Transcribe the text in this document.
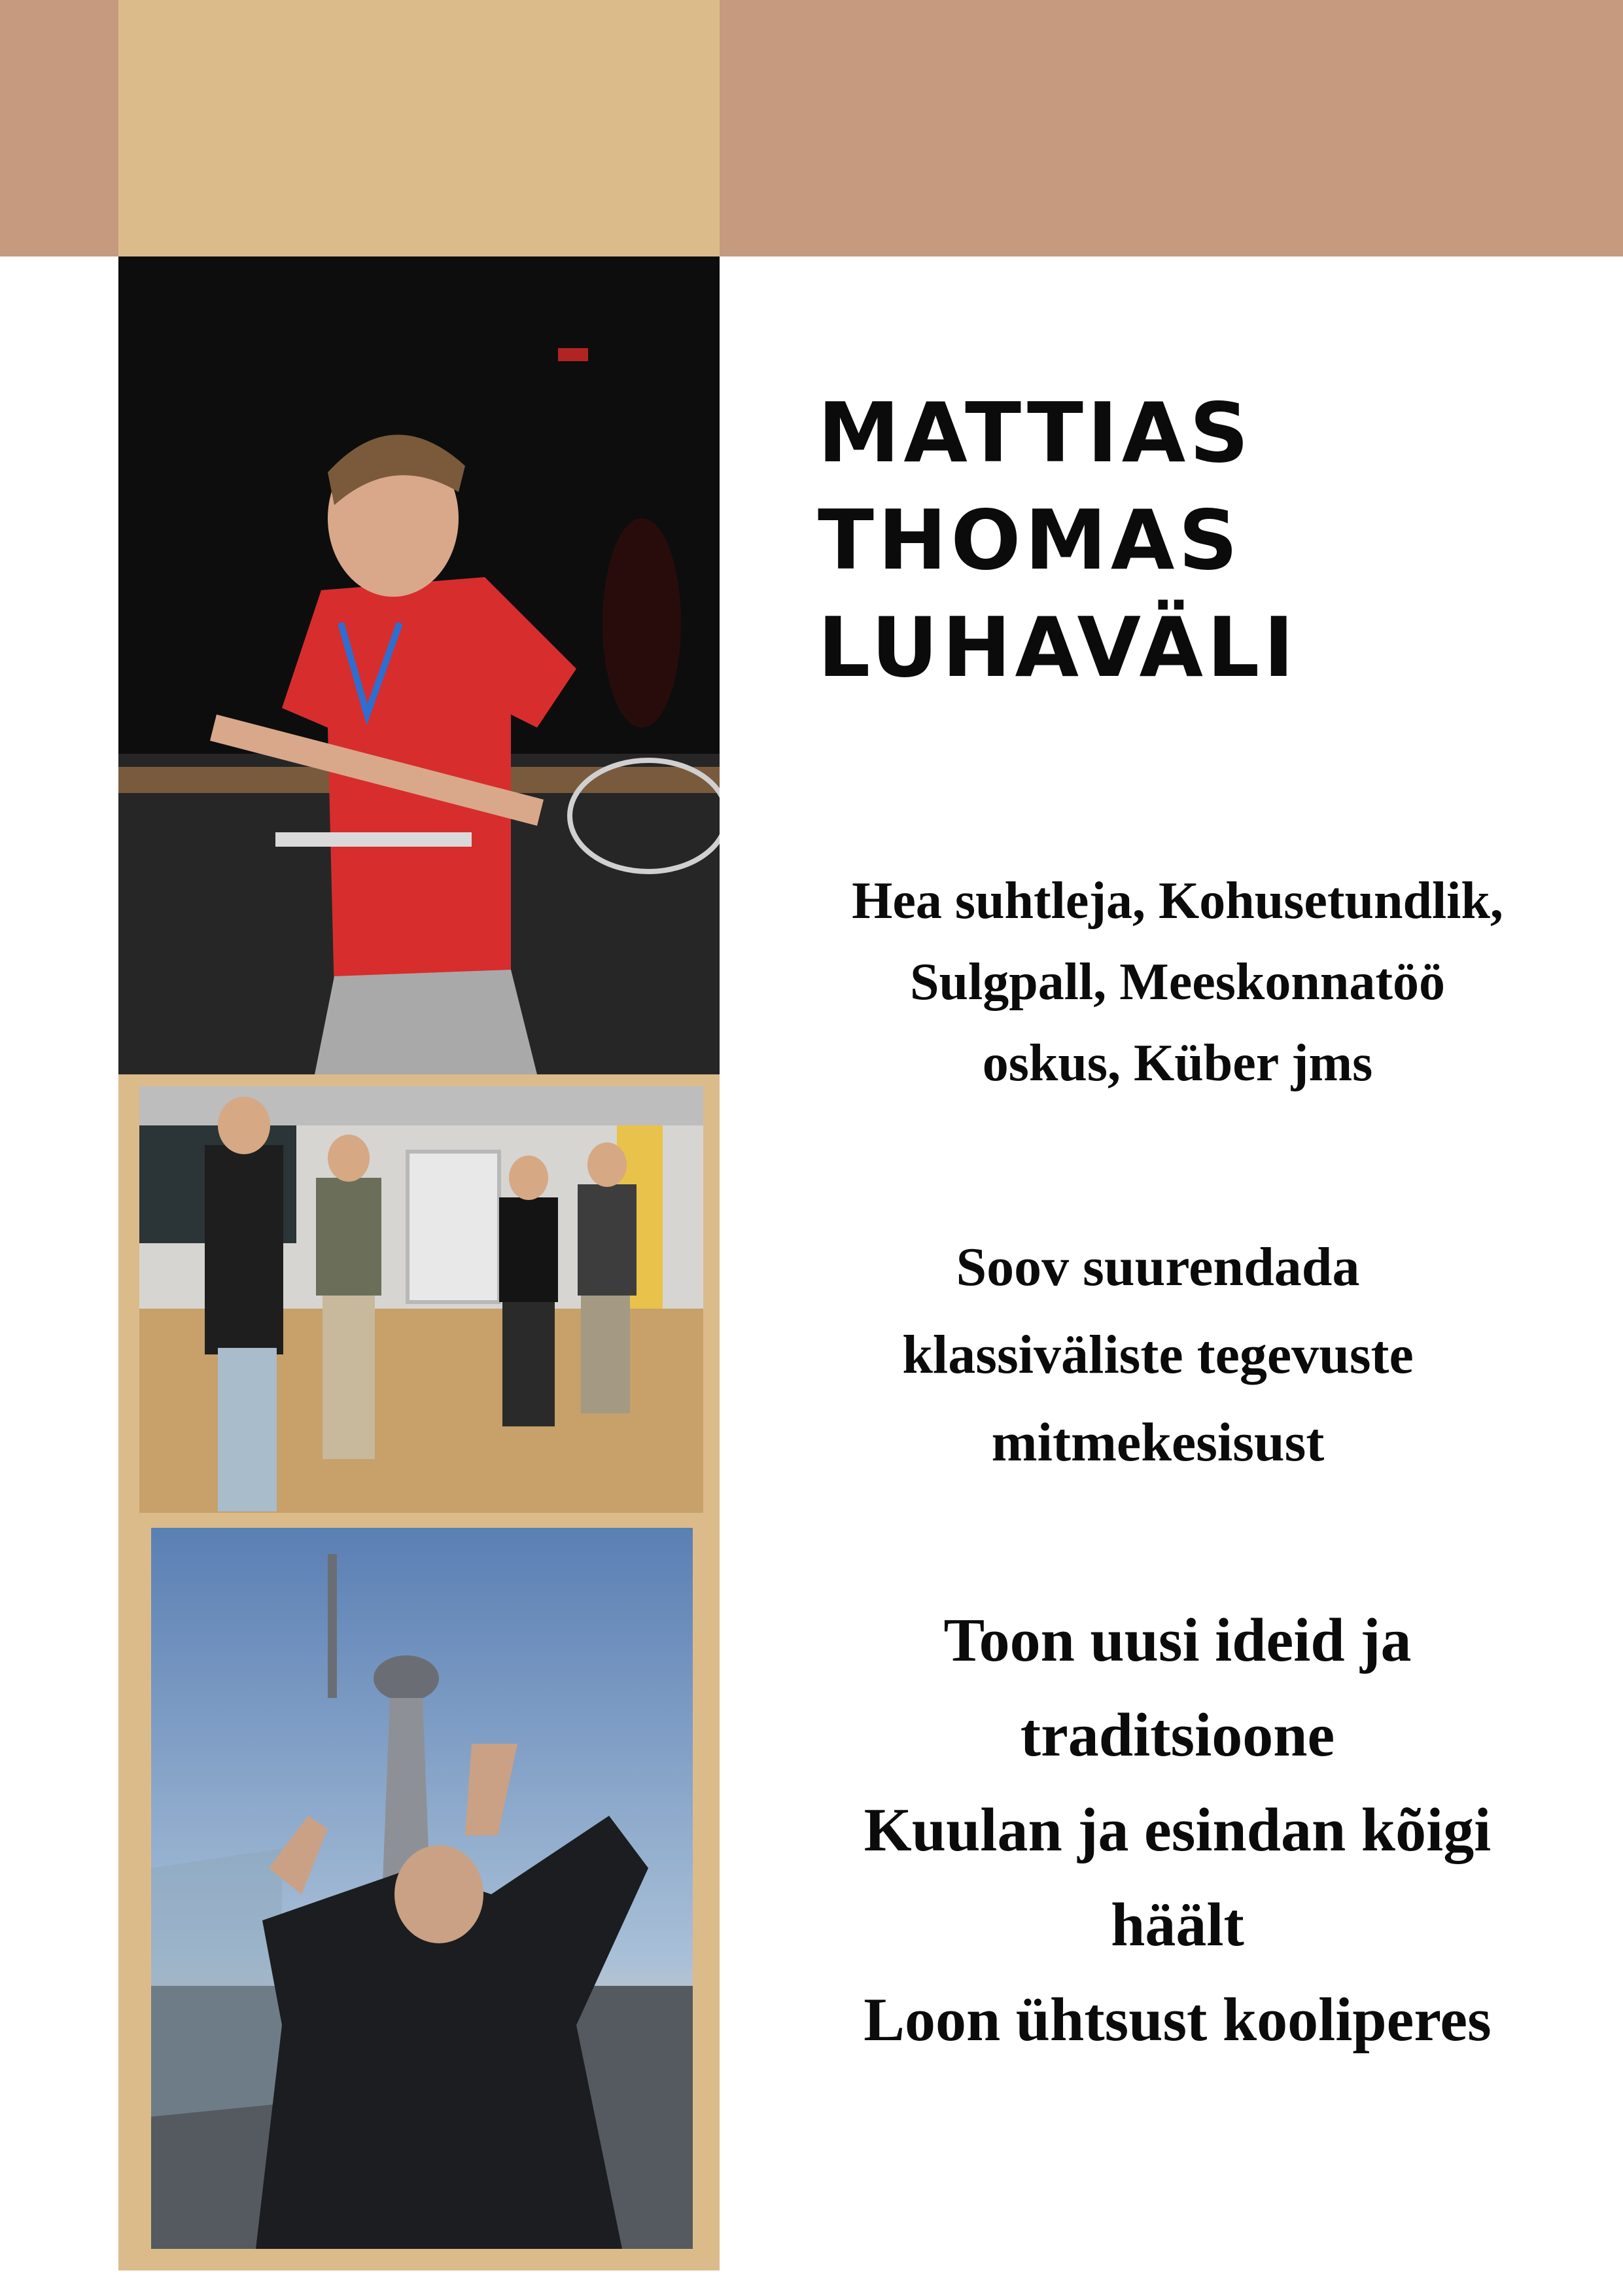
MATTIAS
THOMAS
LUHAVÄLI
Hea suhtleja, Kohusetundlik,
Sulgpall, Meeskonnatöö
oskus, Küber jms
Soov suurendada
klassiväliste tegevuste
mitmekesisust
Toon uusi ideid ja
traditsioone
Kuulan ja esindan kõigi
häält
Loon ühtsust kooliperes
